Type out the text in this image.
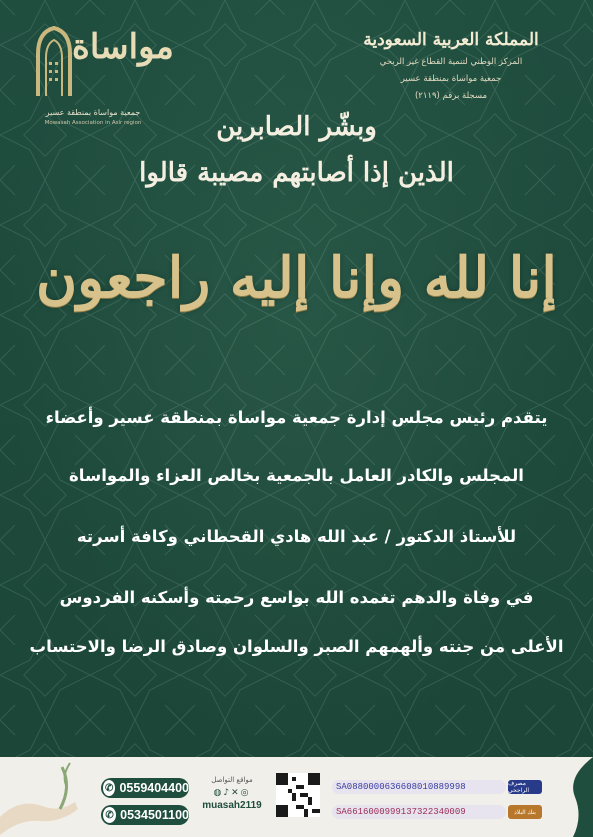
مواساة
جمعية مواساة بمنطقة عسير
Mowasah Association in Asir region
المملكة العربية السعودية
المركز الوطني لتنمية القطاع غير الربحي
جمعية مواساة بمنطقة عسير
مسجلة برقم (٢١١٩)
وبشّر الصابرين
الذين إذا أصابتهم مصيبة قالوا
إنا لله وإنا إليه راجعون
يتقدم رئيس مجلس إدارة جمعية مواساة بمنطقة عسير وأعضاء
المجلس والكادر العامل بالجمعية بخالص العزاء والمواساة
للأستاذ الدكتور / عبد الله هادي القحطاني وكافة أسرته
في وفاة والدهم تغمده الله بواسع رحمته وأسكنه الفردوس
الأعلى من جنته وألهمهم الصبر والسلوان وصادق الرضا والاحتساب
✆ 0559404400
✆ 0534501100
مواقع التواصل
◍♪✕◎
muasah2119
SA0880000636608010889998
SA6616000999137322340009
مصرف الراجحي
بنك البلاد
